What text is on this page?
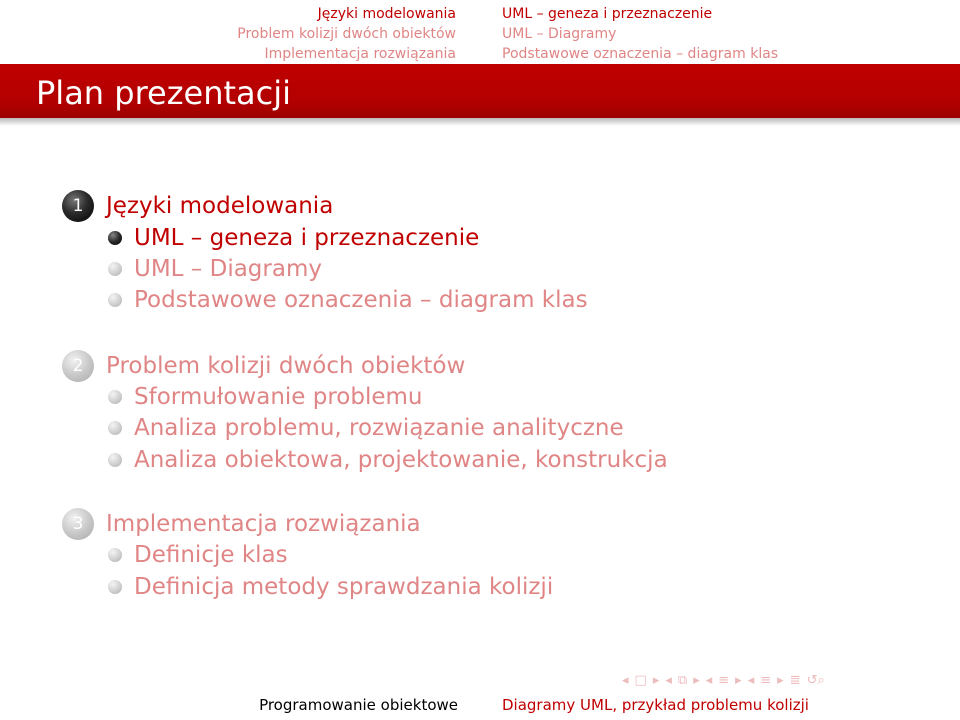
Języki modelowania
Problem kolizji dwóch obiektów
Implementacja rozwiązania
UML – geneza i przeznaczenie
UML – Diagramy
Podstawowe oznaczenia – diagram klas
Plan prezentacji
1 Języki modelowania
UML – geneza i przeznaczenie
UML – Diagramy
Podstawowe oznaczenia – diagram klas
2 Problem kolizji dwóch obiektów
Sformułowanie problemu
Analiza problemu, rozwiązanie analityczne
Analiza obiektowa, projektowanie, konstrukcja
3 Implementacja rozwiązania
Definicje klas
Definicja metody sprawdzania kolizji
◂ □ ▸ ◂ ⧉ ▸ ◂ ≡ ▸ ◂ ≡ ▸ ≣ ↺⌕
Programowanie obiektowe	Diagramy UML, przykład problemu kolizji
